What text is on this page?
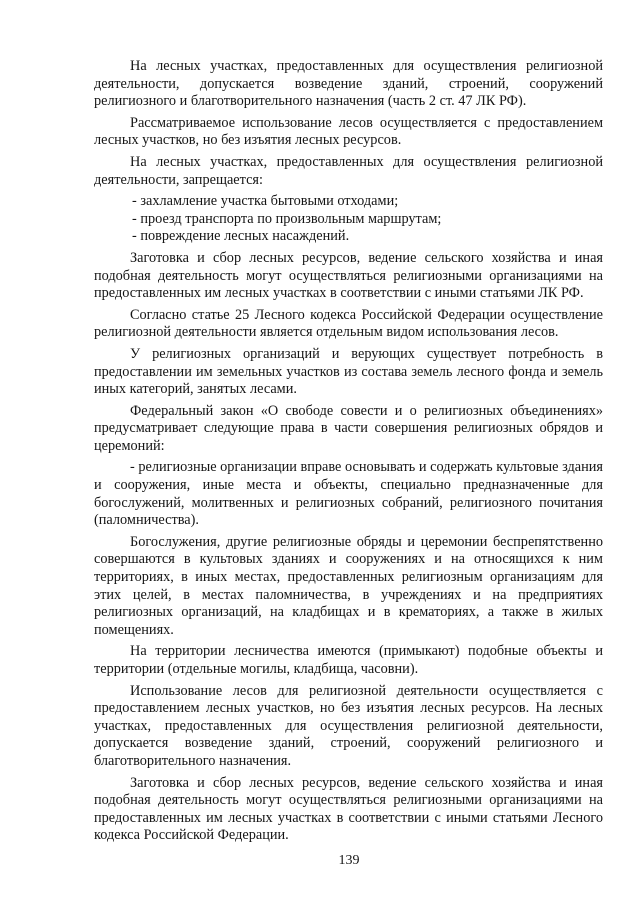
На лесных участках, предоставленных для осуществления религиозной деятельности, допускается возведение зданий, строений, сооружений религиозного и благотворительного назначения (часть 2 ст. 47 ЛК РФ).

Рассматриваемое использование лесов осуществляется с предоставлением лесных участков, но без изъятия лесных ресурсов.

На лесных участках, предоставленных для осуществления религиозной деятельности, запрещается:

- захламление участка бытовыми отходами;

- проезд транспорта по произвольным маршрутам;

- повреждение лесных насаждений.

Заготовка и сбор лесных ресурсов, ведение сельского хозяйства и иная подобная деятельность могут осуществляться религиозными организациями на предоставленных им лесных участках в соответствии с иными статьями ЛК РФ.

Согласно статье 25 Лесного кодекса Российской Федерации осуществление религиозной деятельности является отдельным видом использования лесов.

У религиозных организаций и верующих существует потребность в предоставлении им земельных участков из состава земель лесного фонда и земель иных категорий, занятых лесами.

Федеральный закон «О свободе совести и о религиозных объединениях» предусматривает следующие права в части совершения религиозных обрядов и церемоний:

- религиозные организации вправе основывать и содержать культовые здания и сооружения, иные места и объекты, специально предназначенные для богослужений, молитвенных и религиозных собраний, религиозного почитания (паломничества).

Богослужения, другие религиозные обряды и церемонии беспрепятственно совершаются в культовых зданиях и сооружениях и на относящихся к ним территориях, в иных местах, предоставленных религиозным организациям для этих целей, в местах паломничества, в учреждениях и на предприятиях религиозных организаций, на кладбищах и в крематориях, а также в жилых помещениях.

На территории лесничества имеются (примыкают) подобные объекты и территории (отдельные могилы, кладбища, часовни).

Использование лесов для религиозной деятельности осуществляется с предоставлением лесных участков, но без изъятия лесных ресурсов. На лесных участках, предоставленных для осуществления религиозной деятельности, допускается возведение зданий, строений, сооружений религиозного и благотворительного назначения.

Заготовка и сбор лесных ресурсов, ведение сельского хозяйства и иная подобная деятельность могут осуществляться религиозными организациями на предоставленных им лесных участках в соответствии с иными статьями Лесного кодекса Российской Федерации.

139
